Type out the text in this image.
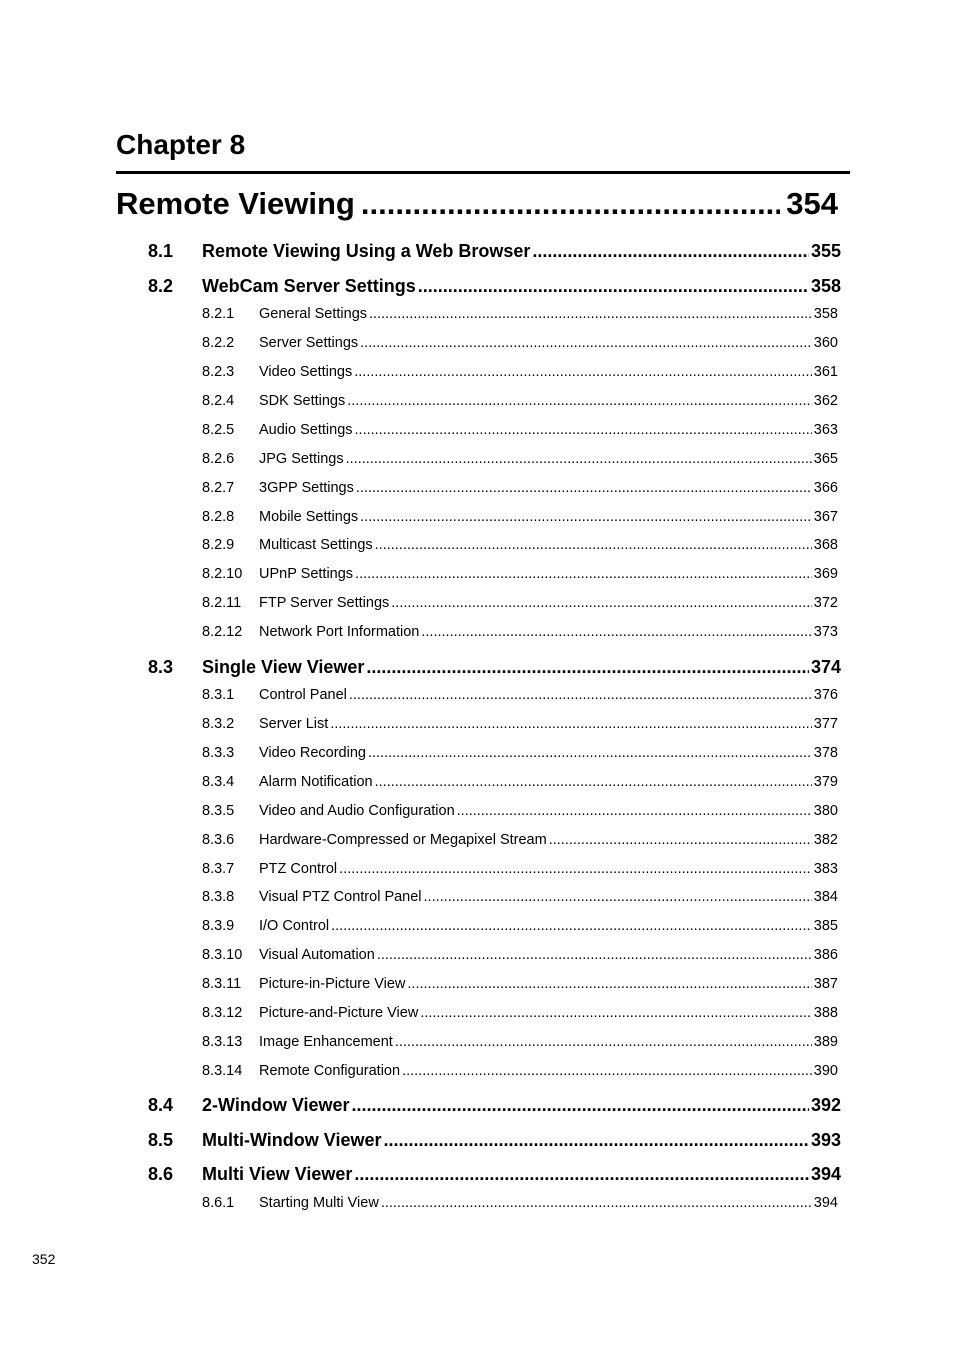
Chapter 8
Remote Viewing .....	354
8.1	Remote Viewing Using a Web Browser .....	355
8.2	WebCam Server Settings .....	358
8.2.1	General Settings .....	358
8.2.2	Server Settings .....	360
8.2.3	Video Settings .....	361
8.2.4	SDK Settings .....	362
8.2.5	Audio Settings .....	363
8.2.6	JPG Settings .....	365
8.2.7	3GPP Settings .....	366
8.2.8	Mobile Settings .....	367
8.2.9	Multicast Settings .....	368
8.2.10	UPnP Settings .....	369
8.2.11	FTP Server Settings .....	372
8.2.12	Network Port Information .....	373
8.3	Single View Viewer .....	374
8.3.1	Control Panel .....	376
8.3.2	Server List .....	377
8.3.3	Video Recording .....	378
8.3.4	Alarm Notification .....	379
8.3.5	Video and Audio Configuration .....	380
8.3.6	Hardware-Compressed or Megapixel Stream .....	382
8.3.7	PTZ Control .....	383
8.3.8	Visual PTZ Control Panel .....	384
8.3.9	I/O Control .....	385
8.3.10	Visual Automation .....	386
8.3.11	Picture-in-Picture View .....	387
8.3.12	Picture-and-Picture View .....	388
8.3.13	Image Enhancement .....	389
8.3.14	Remote Configuration .....	390
8.4	2-Window Viewer .....	392
8.5	Multi-Window Viewer .....	393
8.6	Multi View Viewer .....	394
8.6.1	Starting Multi View .....	394
352
